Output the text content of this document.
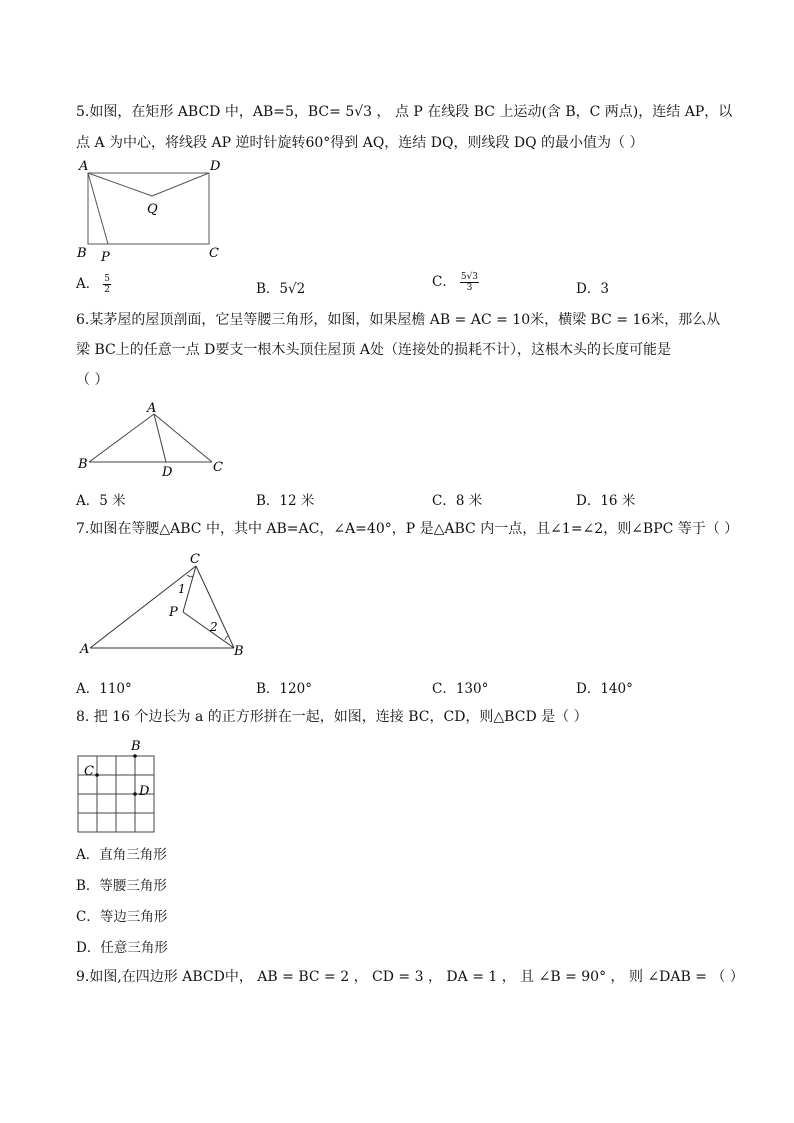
5.如图，在矩形 ABCD 中，AB=5，BC= 5√3 ， 点 P 在线段 BC 上运动(含 B，C 两点)，连结 AP，以
点 A 为中心，将线段 AP 逆时针旋转60°得到 AQ，连结 DQ，则线段 DQ 的最小值为（ ）
A	D
Q
B P	C
A． $\frac{5}{2}$	B．5√2	C． $\frac{5√3}{3}$	D．3
6.某茅屋的屋顶剖面，它呈等腰三角形，如图，如果屋檐 AB = AC = 10米，横梁 BC = 16米，那么从
梁 BC上的任意一点 D要支一根木头顶住屋顶 A处（连接处的损耗不计），这根木头的长度可能是
（ ）
A
B
D	C
A．5 米	B．12 米	C．8 米	D．16 米
7.如图在等腰△ABC 中，其中 AB=AC，∠A=40°，P 是△ABC 内一点，且∠1=∠2，则∠BPC 等于（ ）
C
1
P
2
A	B
A．110°	B．120°	C．130°	D．140°
8. 把 16 个边长为 a 的正方形拼在一起，如图，连接 BC，CD，则△BCD 是（ ）
B
C
D
A．直角三角形
B．等腰三角形
C．等边三角形
D．任意三角形
9.如图,在四边形 ABCD中， AB = BC = 2 ， CD = 3 ， DA = 1 ， 且 ∠B = 90° ， 则 ∠DAB = （ ）
